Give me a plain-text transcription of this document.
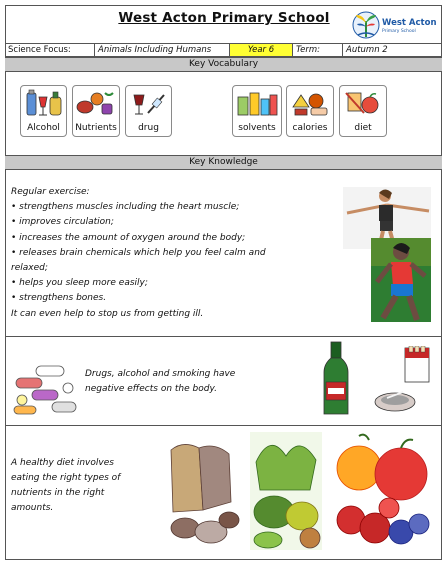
West Acton Primary School	West Acton
Primary School
Science Focus:	Animals Including Humans	Year 6	Term:	Autumn 2
Key Vocabulary
Alcohol	Nutrients	drug	solvents	calories	diet
Key Knowledge
Regular exercise:
• strengthens muscles including the heart muscle;
• improves circulation;
• increases the amount of oxygen around the body;
• releases brain chemicals which help you feel calm and
relaxed;
• helps you sleep more easily;
• strengthens bones.
It can even help to stop us from getting ill.
Drugs, alcohol and smoking have
negative effects on the body.
A healthy diet involves
eating the right types of
nutrients in the right
amounts.
